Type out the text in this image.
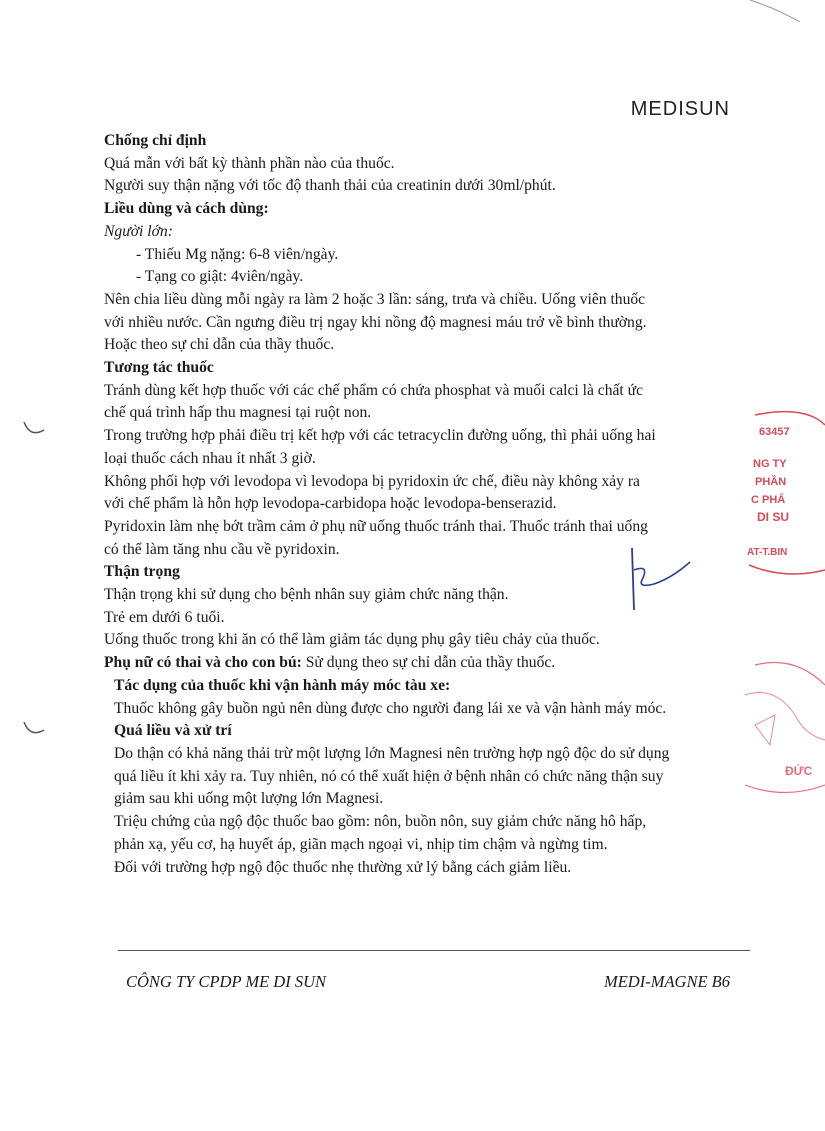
MEDISUN
Chống chỉ định
Quá mẫn với bất kỳ thành phần nào của thuốc.
Người suy thận nặng với tốc độ thanh thải của creatinin dưới 30ml/phút.
Liều dùng và cách dùng:
Người lớn:
- Thiếu Mg nặng: 6-8 viên/ngày.
- Tạng co giật: 4viên/ngày.
Nên chia liều dùng mỗi ngày ra làm 2 hoặc 3 lần: sáng, trưa và chiều. Uống viên thuốc
với nhiều nước. Cần ngưng điều trị ngay khi nồng độ magnesi máu trở về bình thường.
Hoặc theo sự chỉ dẫn của thầy thuốc.
Tương tác thuốc
Tránh dùng kết hợp thuốc với các chế phẩm có chứa phosphat và muối calci là chất ức
chế quá trình hấp thu magnesi tại ruột non.
Trong trường hợp phải điều trị kết hợp với các tetracyclin đường uống, thì phải uống hai
loại thuốc cách nhau ít nhất 3 giờ.
Không phối hợp với levodopa vì levodopa bị pyridoxin ức chế, điều này không xảy ra
với chế phẩm là hỗn hợp levodopa-carbidopa hoặc levodopa-benserazid.
Pyridoxin làm nhẹ bớt trầm cảm ở phụ nữ uống thuốc tránh thai. Thuốc tránh thai uống
có thể làm tăng nhu cầu về pyridoxin.
Thận trọng
Thận trọng khi sử dụng cho bệnh nhân suy giảm chức năng thận.
Trẻ em dưới 6 tuổi.
Uống thuốc trong khi ăn có thể làm giảm tác dụng phụ gây tiêu chảy của thuốc.
Phụ nữ có thai và cho con bú: Sử dụng theo sự chỉ dẫn của thầy thuốc.
Tác dụng của thuốc khi vận hành máy móc tàu xe:
Thuốc không gây buồn ngủ nên dùng được cho người đang lái xe và vận hành máy móc.
Quá liều và xử trí
Do thận có khả năng thải trừ một lượng lớn Magnesi nên trường hợp ngộ độc do sử dụng
quá liều ít khi xảy ra. Tuy nhiên, nó có thể xuất hiện ở bệnh nhân có chức năng thận suy
giảm sau khi uống một lượng lớn Magnesi.
Triệu chứng của ngộ độc thuốc bao gồm: nôn, buồn nôn, suy giảm chức năng hô hấp,
phản xạ, yếu cơ, hạ huyết áp, giãn mạch ngoại vi, nhịp tim chậm và ngừng tim.
Đối với trường hợp ngộ độc thuốc nhẹ thường xử lý bằng cách giảm liều.
CÔNG TY CPDP ME DI SUN	MEDI-MAGNE B6
63457
NG TY
PHẦN
C PHẨ
DI SU
AT-T.BIN
ĐỨC
